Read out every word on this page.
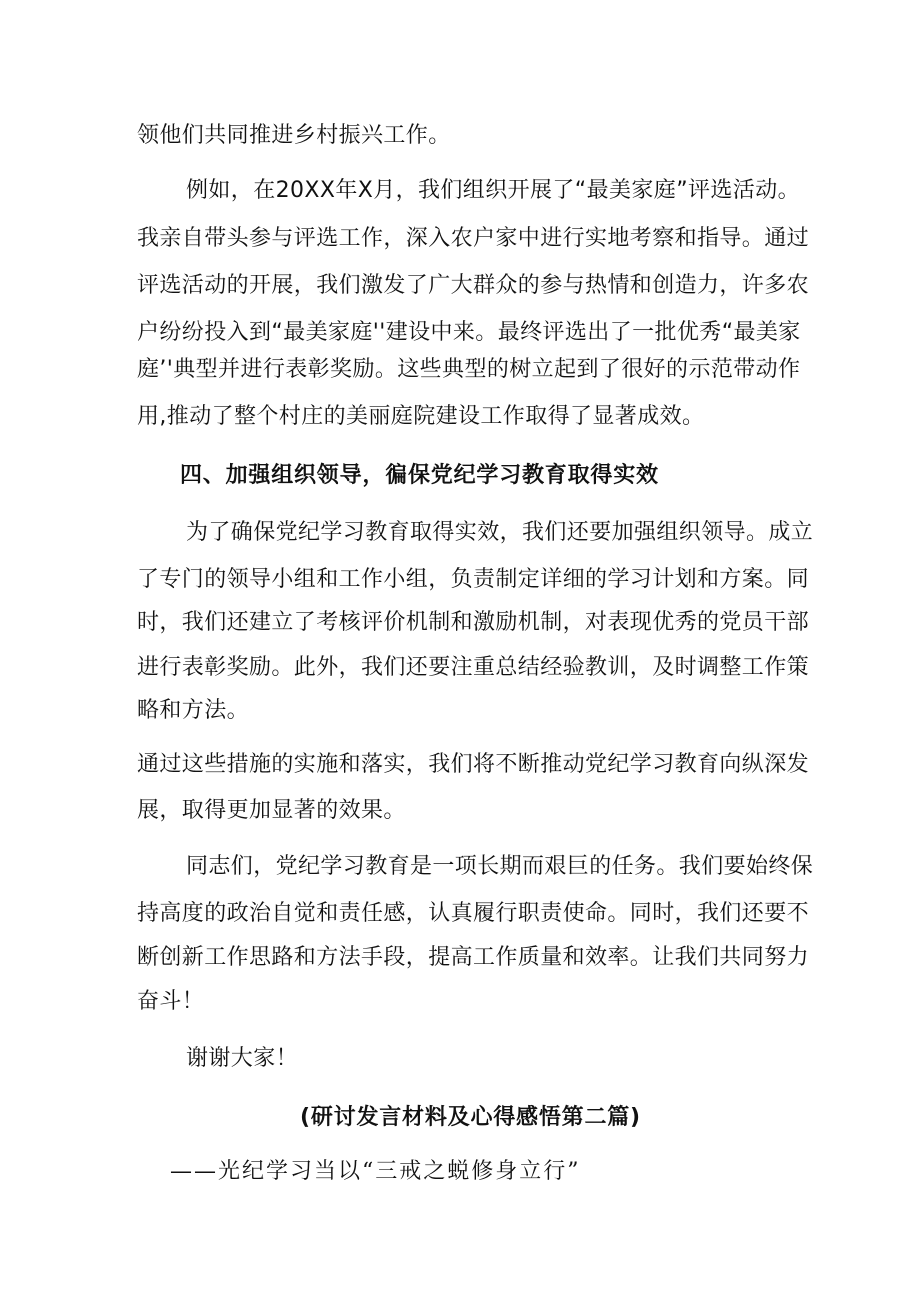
领他们共同推进乡村振兴工作。
例如，在20XX年X月，我们组织开展了“最美家庭”评选活动。
我亲自带头参与评选工作，深入农户家中进行实地考察和指导。通过
评选活动的开展，我们激发了广大群众的参与热情和创造力，许多农
户纷纷投入到“最美家庭''建设中来。最终评选出了一批优秀“最美家
庭’'典型并进行表彰奖励。这些典型的树立起到了很好的示范带动作
用,推动了整个村庄的美丽庭院建设工作取得了显著成效。
四、加强组织领导，徧保党纪学习教育取得实效
为了确保党纪学习教育取得实效，我们还要加强组织领导。成立
了专门的领导小组和工作小组，负责制定详细的学习计划和方案。同
时，我们还建立了考核评价机制和激励机制，对表现优秀的党员干部
进行表彰奖励。此外，我们还要注重总结经验教训，及时调整工作策
略和方法。
通过这些措施的实施和落实，我们将不断推动党纪学习教育向纵深发
展，取得更加显著的效果。
同志们，党纪学习教育是一项长期而艰巨的任务。我们要始终保
持高度的政治自觉和责任感，认真履行职责使命。同时，我们还要不
断创新工作思路和方法手段，提高工作质量和效率。让我们共同努力
奋斗！
谢谢大家！
(研讨发言材料及心得感悟第二篇)
——光纪学习当以“三戒之蜕修身立行”
